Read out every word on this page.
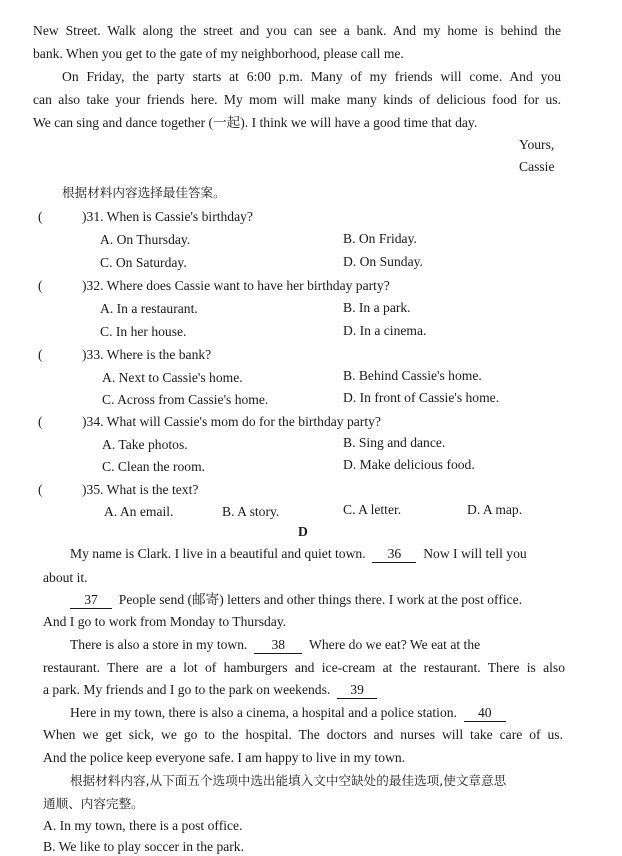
New Street. Walk along the street and you can see a bank. And my home is behind the
bank. When you get to the gate of my neighborhood, please call me.
On Friday, the party starts at 6:00 p.m. Many of my friends will come. And you
can also take your friends here. My mom will make many kinds of delicious food for us.
We can sing and dance together (一起). I think we will have a good time that day.
Yours,
Cassie
根据材料内容选择最佳答案。
(	)31. When is Cassie's birthday?
A. On Thursday.	B. On Friday.
C. On Saturday.	D. On Sunday.
(	)32. Where does Cassie want to have her birthday party?
A. In a restaurant.	B. In a park.
C. In her house.	D. In a cinema.
(	)33. Where is the bank?
A. Next to Cassie's home.	B. Behind Cassie's home.
C. Across from Cassie's home.	D. In front of Cassie's home.
(	)34. What will Cassie's mom do for the birthday party?
A. Take photos.	B. Sing and dance.
C. Clean the room.	D. Make delicious food.
(	)35. What is the text?
A. An email.	B. A story.	C. A letter.	D. A map.
D
My name is Clark. I live in a beautiful and quiet town. 36 Now I will tell you
about it.
37 People send (邮寄) letters and other things there. I work at the post office.
And I go to work from Monday to Thursday.
There is also a store in my town. 38 Where do we eat? We eat at the
restaurant. There are a lot of hamburgers and ice-cream at the restaurant. There is also
a park. My friends and I go to the park on weekends. 39
Here in my town, there is also a cinema, a hospital and a police station. 40
When we get sick, we go to the hospital. The doctors and nurses will take care of us.
And the police keep everyone safe. I am happy to live in my town.
根据材料内容,从下面五个选项中选出能填入文中空缺处的最佳选项,使文章意思
通顺、内容完整。
A. In my town, there is a post office.
B. We like to play soccer in the park.
